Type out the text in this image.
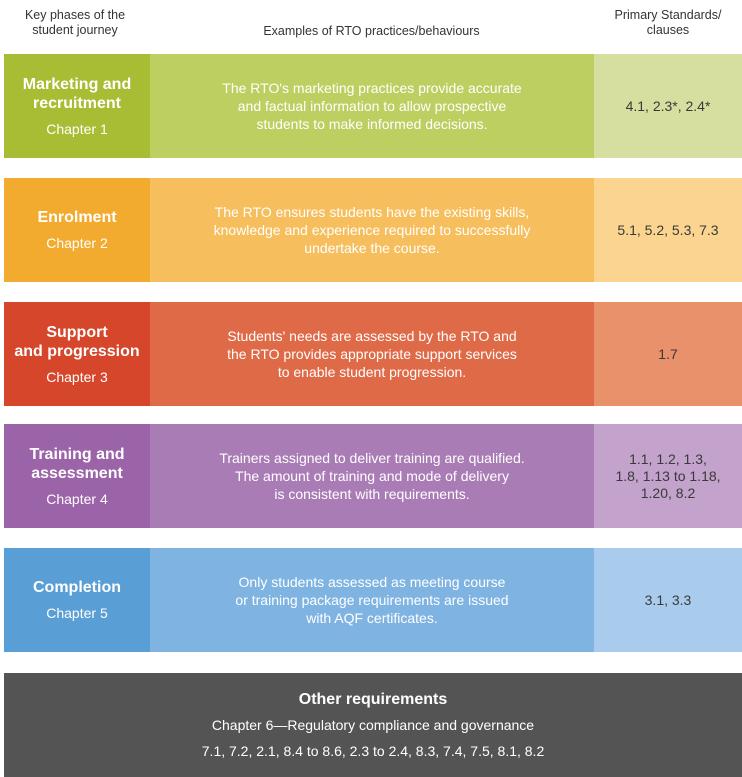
Key phases of the
student journey	Examples of RTO practices/behaviours
Primary Standards/
clauses
Marketing and
recruitment
Chapter 1
The RTO's marketing practices provide accurate
and factual information to allow prospective
students to make informed decisions.
4.1, 2.3*, 2.4*
Enrolment
Chapter 2
The RTO ensures students have the existing skills,
knowledge and experience required to successfully
undertake the course.
5.1, 5.2, 5.3, 7.3
Support
and progression
Chapter 3
Students' needs are assessed by the RTO and
the RTO provides appropriate support services
to enable student progression.
1.7
Training and
assessment
Chapter 4
Trainers assigned to deliver training are qualified.
The amount of training and mode of delivery
is consistent with requirements.
1.1, 1.2, 1.3,
1.8, 1.13 to 1.18,
1.20, 8.2
Completion
Chapter 5
Only students assessed as meeting course
or training package requirements are issued
with AQF certificates.
3.1, 3.3
Other requirements
Chapter 6—Regulatory compliance and governance
7.1, 7.2, 2.1, 8.4 to 8.6, 2.3 to 2.4, 8.3, 7.4, 7.5, 8.1, 8.2
